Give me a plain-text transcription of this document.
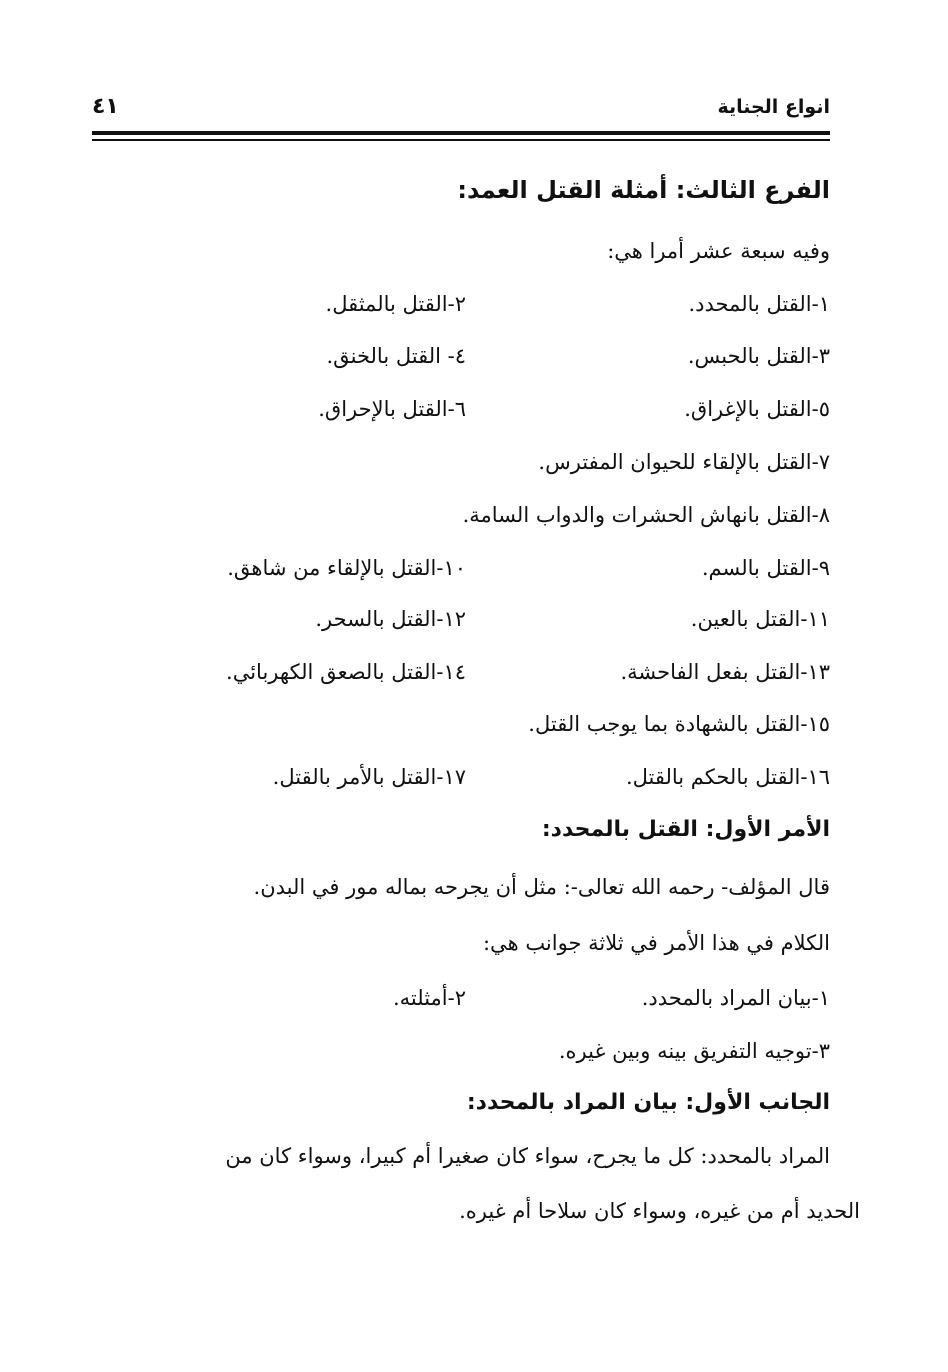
انواع الجناية
٤١
الفرع الثالث: أمثلة القتل العمد:
وفيه سبعة عشر أمرا هي:
١-القتل بالمحدد.
٢-القتل بالمثقل.
٣-القتل بالحبس.
٤- القتل بالخنق.
٥-القتل بالإغراق.
٦-القتل بالإحراق.
٧-القتل بالإلقاء للحيوان المفترس.
٨-القتل بانهاش الحشرات والدواب السامة.
٩-القتل بالسم.
١٠-القتل بالإلقاء من شاهق.
١١-القتل بالعين.
١٢-القتل بالسحر.
١٣-القتل بفعل الفاحشة.
١٤-القتل بالصعق الكهربائي.
١٥-القتل بالشهادة بما يوجب القتل.
١٦-القتل بالحكم بالقتل.
١٧-القتل بالأمر بالقتل.
الأمر الأول: القتل بالمحدد:
قال المؤلف- رحمه الله تعالى-: مثل أن يجرحه بماله مور في البدن.
الكلام في هذا الأمر في ثلاثة جوانب هي:
١-بيان المراد بالمحدد.
٢-أمثلته.
٣-توجيه التفريق بينه وبين غيره.
الجانب الأول: بيان المراد بالمحدد:
المراد بالمحدد: كل ما يجرح، سواء كان صغيرا أم كبيرا، وسواء كان من
الحديد أم من غيره، وسواء كان سلاحا أم غيره.
